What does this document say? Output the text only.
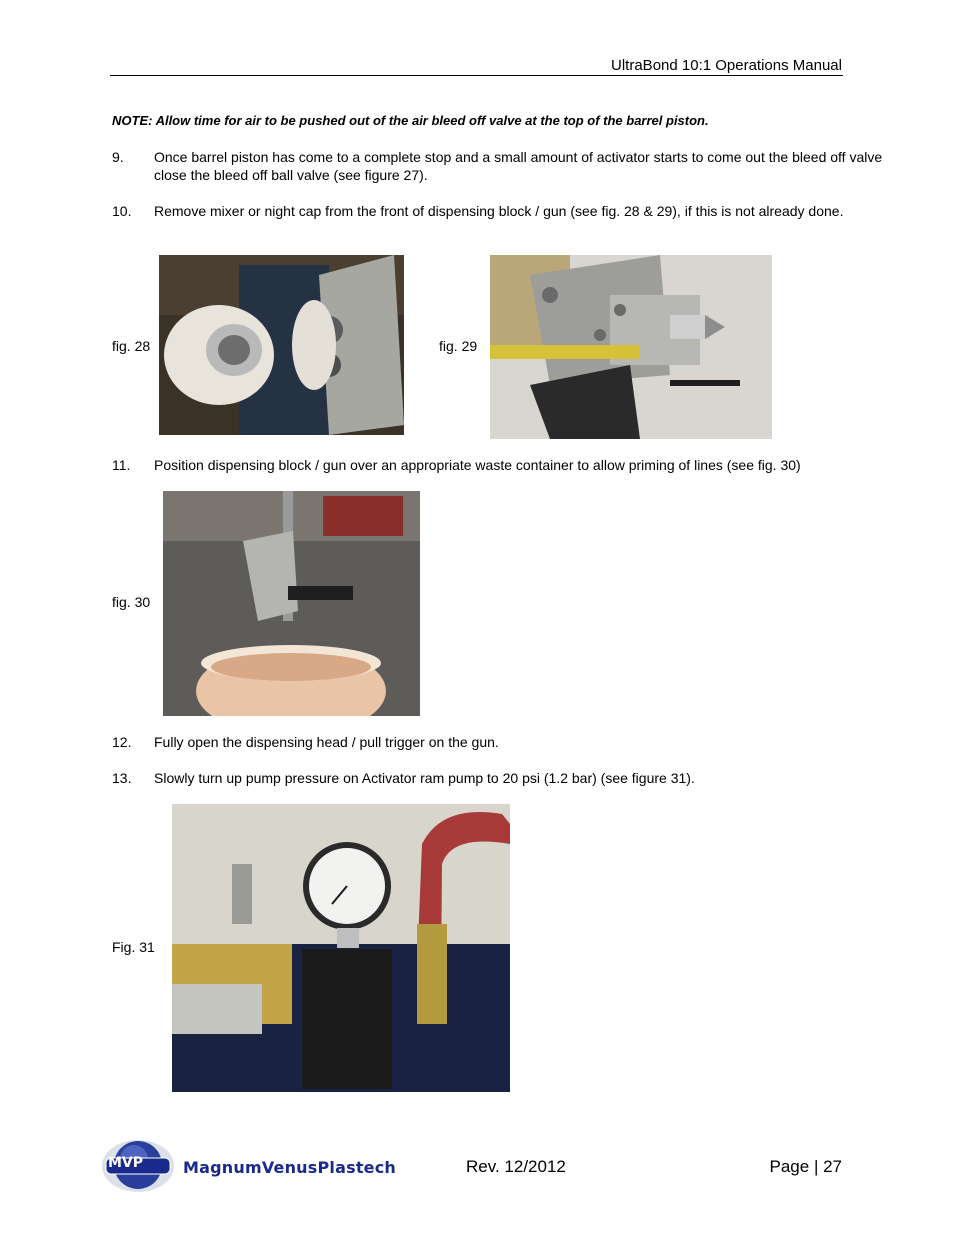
UltraBond 10:1 Operations Manual
NOTE: Allow time for air to be pushed out of the air bleed off valve at the top of the barrel piston.
9.	Once barrel piston has come to a complete stop and a small amount of activator starts to come out the bleed off valve close the bleed off ball valve (see figure 27).
10.	Remove mixer or night cap from the front of dispensing block / gun (see fig. 28 & 29), if this is not already done.
fig. 28	fig. 29
11.	Position dispensing block / gun over an appropriate waste container to allow priming of lines (see fig. 30)
fig. 30
12.	Fully open the dispensing head / pull trigger on the gun.
13.	Slowly turn up pump pressure on Activator ram pump to 20 psi (1.2 bar) (see figure 31).
Fig. 31
MVP MagnumVenusPlastech	Rev. 12/2012	Page | 27
